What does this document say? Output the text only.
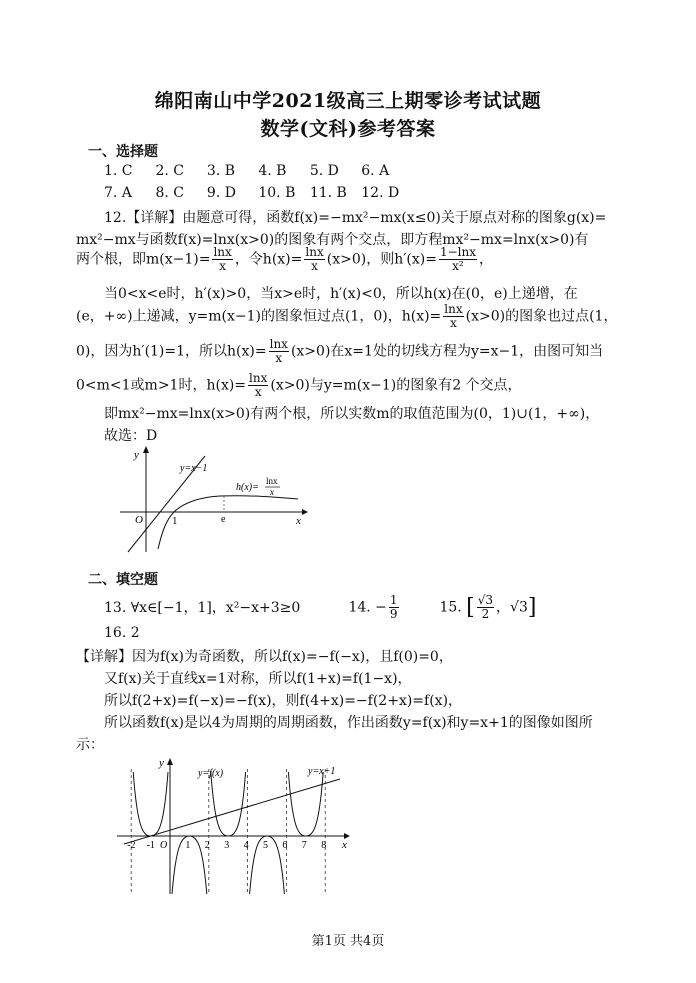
绵阳南山中学2021级高三上期零诊考试试题
数学(文科)参考答案
一、选择题
1. C 2. C 3. B 4. B 5. D 6. A
7. A 8. C 9. D 10. B 11. B 12. D
12.【详解】由题意可得，函数f(x)=−mx²−mx(x≤0)关于原点对称的图象g(x)=
mx²−mx与函数f(x)=lnx(x>0)的图象有两个交点，即方程mx²−mx=lnx(x>0)有
两个根，即$m(x-1)= \frac{\ln x}{x}$ ，令$h(x)= \frac{\ln x}{x} (x>0)$，则$h'(x)= \frac{1-\ln x}{\text{x²}}$ ，
当0<x<e时，h′(x)>0，当x>e时，h′(x)<0，所以h(x)在(0，e)上递增，在
(e，+∞)上递减，y=m(x−1)的图象恒过点(1，0)，$h(x)= \frac{\ln x}{x} (x>0)$的图象也过点(1，
0)，因为h′(1)=1，所以$h(x)= \frac{\ln x}{x} (x>0)$在x=1处的切线方程为y=x−1，由图可知当
0<m<1或m>1时，$h(x)= \frac{\ln x}{x} (x>0)$与y=m(x−1)的图象有2 个交点，
即mx²−mx=lnx(x>0)有两个根，所以实数m的取值范围为(0，1)∪(1，+∞)，
故选：D
y
x
O	1	e
y=x−1
h(x)=
lnx
x
二、填空题
13. ∀x∈[−1，1]，x²−x+3≥0	14. − $\frac{1}{9}$	15. [ $\frac{√3}{2}$ ，√3]
16. 2
【详解】因为f(x)为奇函数，所以f(x)=−f(−x)，且f(0)=0，
又f(x)关于直线x=1对称，所以f(1+x)=f(1−x)，
所以f(2+x)=f(−x)=−f(x)，则f(4+x)=−f(2+x)=f(x)，
所以函数f(x)是以4为周期的周期函数，作出函数y=f(x)和y=x+1的图像如图所
示：
y
x
O
y=f(x)	y=x+1
-2 -1	1 2 3 4 5 6 7 8
第1页 共4页
